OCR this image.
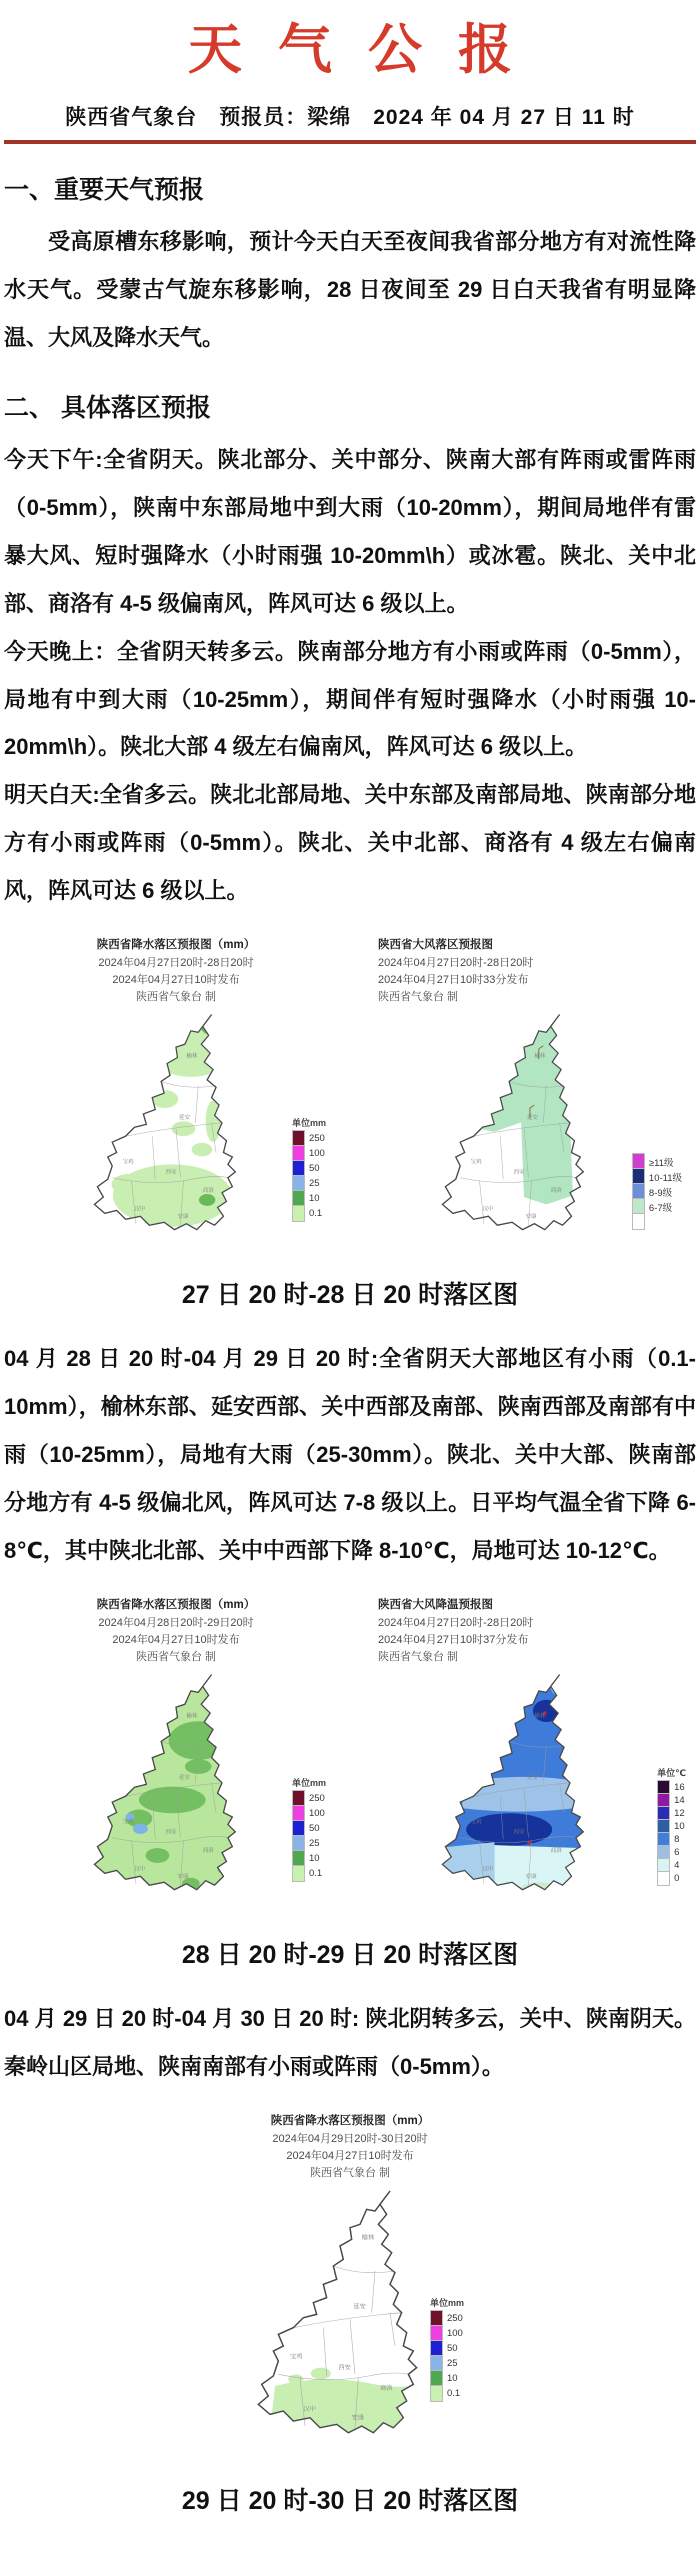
天气公报
陕西省气象台　预报员：梁绵　2024 年 04 月 27 日 11 时
一、重要天气预报

受高原槽东移影响，预计今天白天至夜间我省部分地方有对流性降水天气。受蒙古气旋东移影响，28 日夜间至 29 日白天我省有明显降温、大风及降水天气。

二、 具体落区预报

今天下午:全省阴天。陕北部分、关中部分、陕南大部有阵雨或雷阵雨（0-5mm），陕南中东部局地中到大雨（10-20mm），期间局地伴有雷暴大风、短时强降水（小时雨强 10-20mm\h）或冰雹。陕北、关中北部、商洛有 4-5 级偏南风，阵风可达 6 级以上。

今天晚上：全省阴天转多云。陕南部分地方有小雨或阵雨（0-5mm），局地有中到大雨（10-25mm），期间伴有短时强降水（小时雨强 10-20mm\h）。陕北大部 4 级左右偏南风，阵风可达 6 级以上。

明天白天:全省多云。陕北北部局地、关中东部及南部局地、陕南部分地方有小雨或阵雨（0-5mm）。陕北、关中北部、商洛有 4 级左右偏南风，阵风可达 6 级以上。

陕西省降水落区预报图（mm）
2024年04月27日20时-28日20时
2024年04月27日10时发布
陕西省气象台 制
榆林
延安
宝鸡
西安
商洛
汉中
安康
单位mm
250
100
50
25
10
0.1
陕西省大风落区预报图
2024年04月27日20时-28日20时
2024年04月27日10时33分发布
陕西省气象台 制
榆林
延安
宝鸡
西安
商洛
汉中
安康
≥11级
10-11级
8-9级
6-7级
27 日 20 时-28 日 20 时落区图

04 月 28 日 20 时-04 月 29 日 20 时:全省阴天大部地区有小雨（0.1-10mm），榆林东部、延安西部、关中西部及南部、陕南西部及南部有中雨（10-25mm），局地有大雨（25-30mm）。陕北、关中大部、陕南部分地方有 4-5 级偏北风，阵风可达 7-8 级以上。日平均气温全省下降 6-8℃，其中陕北北部、关中中西部下降 8-10℃，局地可达 10-12℃。

陕西省降水落区预报图（mm）
2024年04月28日20时-29日20时
2024年04月27日10时发布
陕西省气象台 制
榆林
延安
宝鸡
西安
商洛
汉中
安康
单位mm
250
100
50
25
10
0.1
陕西省大风降温预报图
2024年04月27日20时-28日20时
2024年04月27日10时37分发布
陕西省气象台 制
榆林
延安
宝鸡
西安
商洛
汉中
安康
单位℃
16
14
12
10
8
6
4
0
28 日 20 时-29 日 20 时落区图

04 月 29 日 20 时-04 月 30 日 20 时: 陕北阴转多云，关中、陕南阴天。秦岭山区局地、陕南南部有小雨或阵雨（0-5mm）。

陕西省降水落区预报图（mm）
2024年04月29日20时-30日20时
2024年04月27日10时发布
陕西省气象台 制
榆林
延安
宝鸡
西安
商洛
汉中
安康
单位mm
250
100
50
25
10
0.1
29 日 20 时-30 日 20 时落区图
